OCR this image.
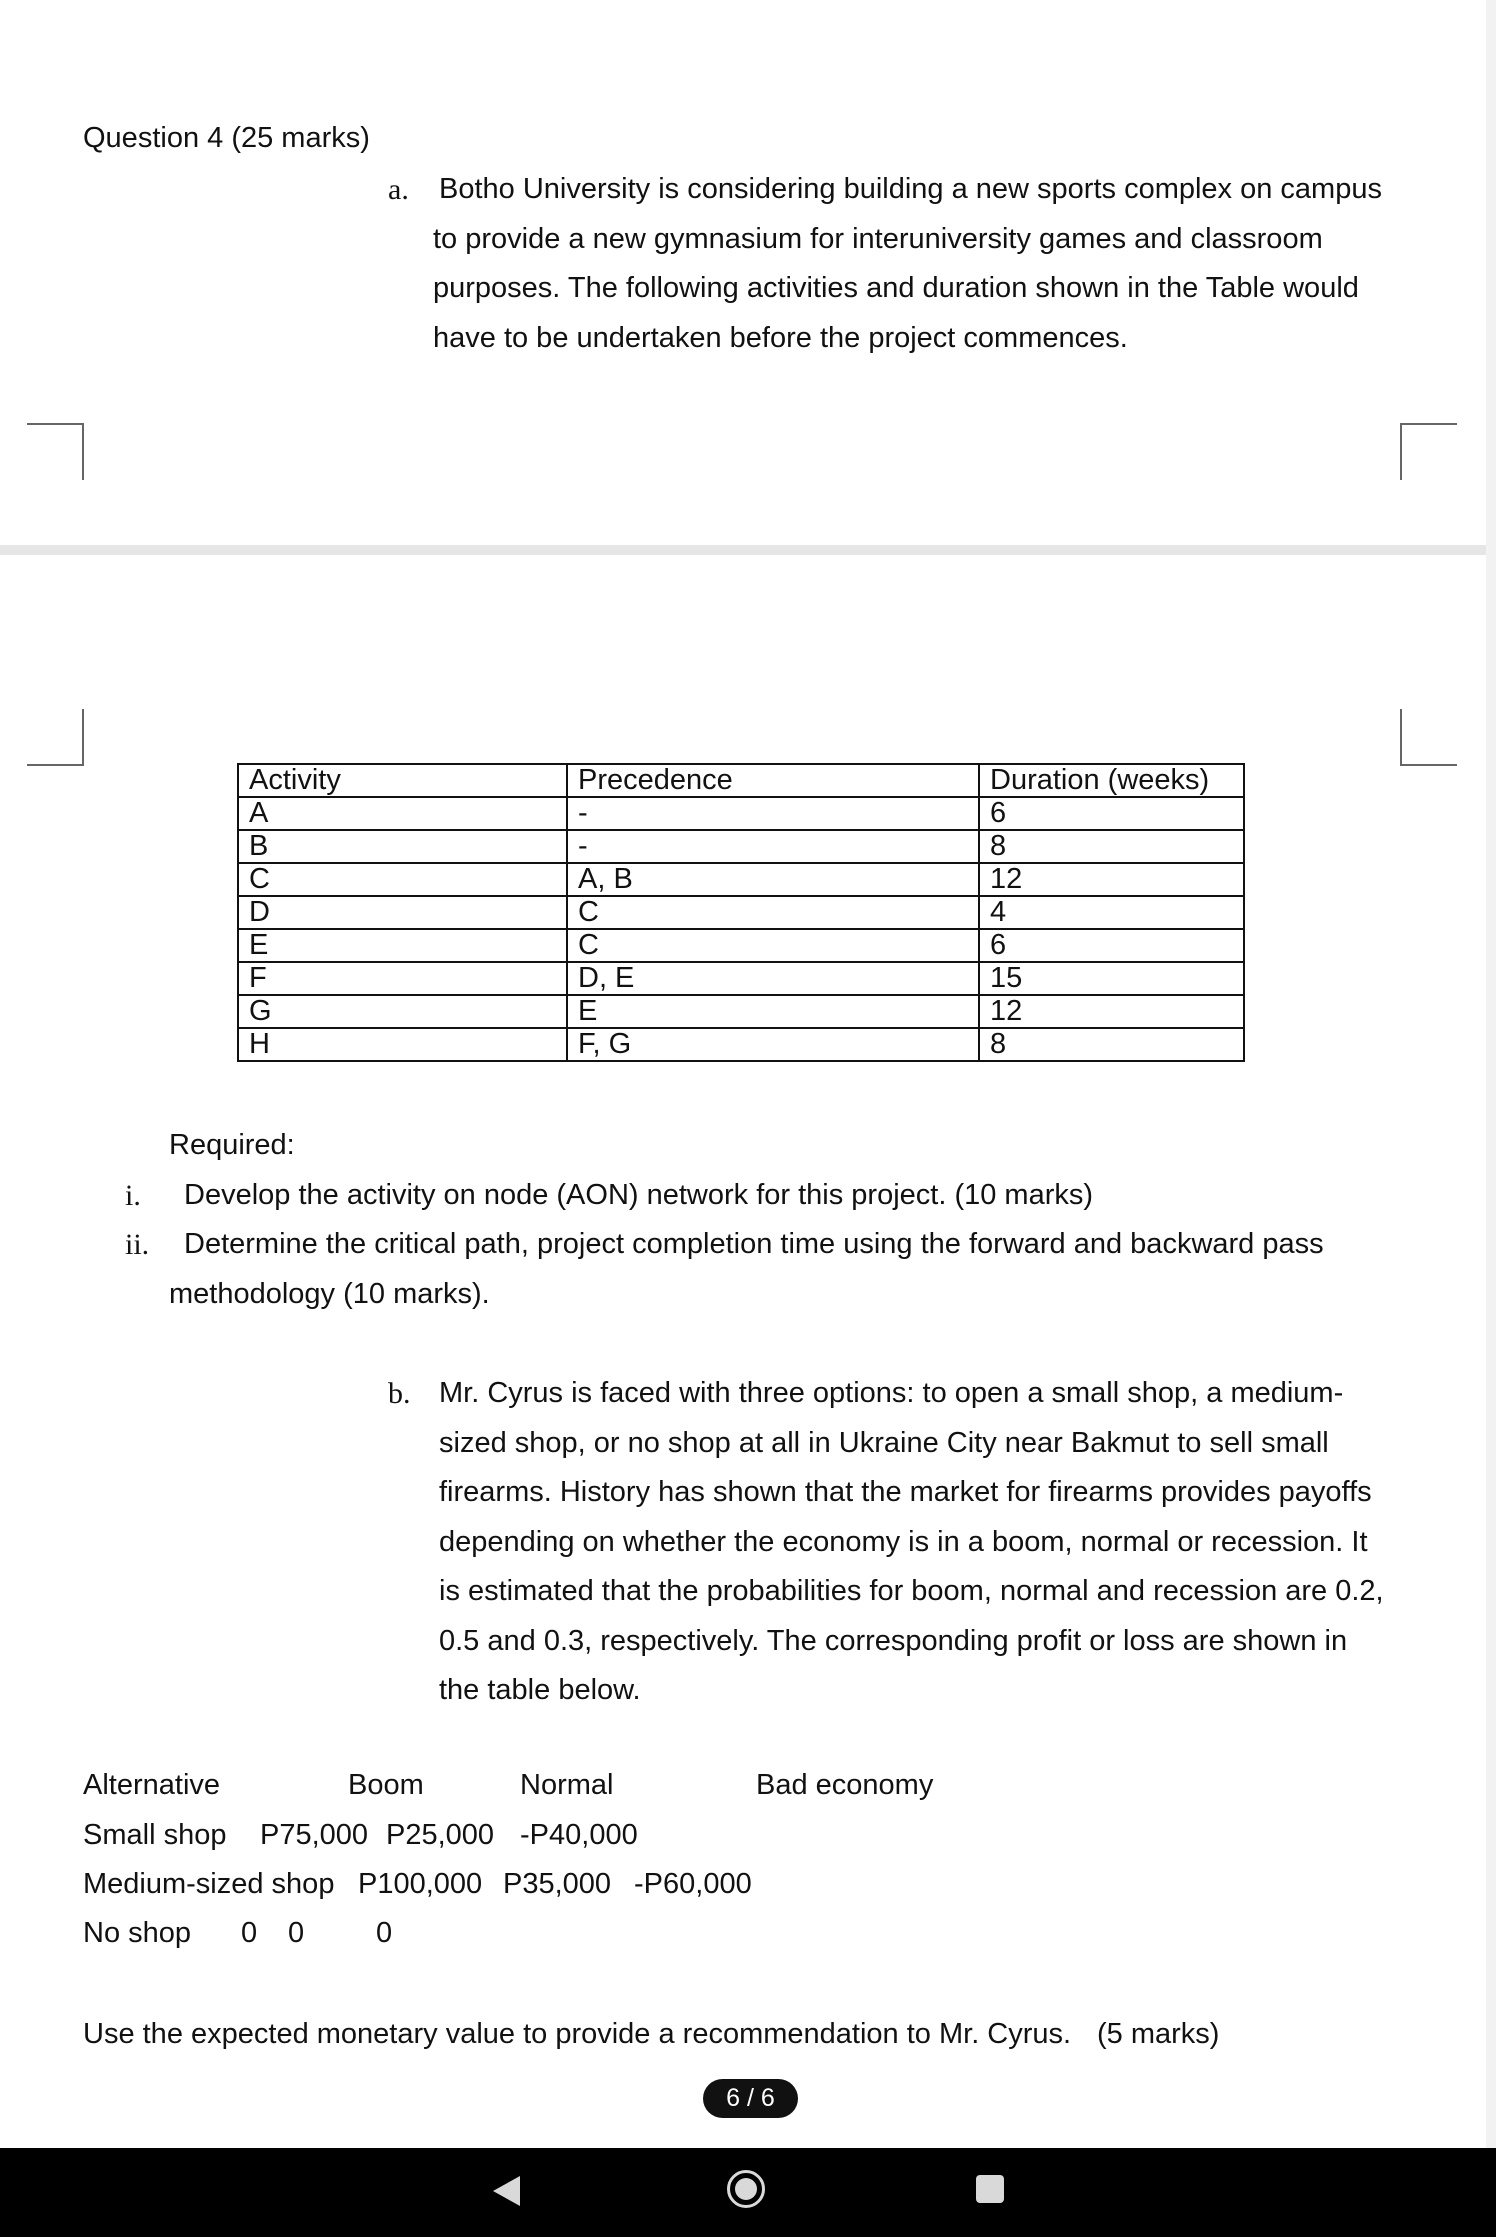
Question 4 (25 marks)
a. Botho University is considering building a new sports complex on campus
to provide a new gymnasium for interuniversity games and classroom
purposes. The following activities and duration shown in the Table would
have to be undertaken before the project commences.
Activity	Precedence	Duration (weeks)
A	-	6
B	-	8
C	A, B	12
D	C	4
E	C	6
F	D, E	15
G	E	12
H	F, G	8
Required:
i. Develop the activity on node (AON) network for this project. (10 marks)
ii. Determine the critical path, project completion time using the forward and backward pass
methodology (10 marks).
b. Mr. Cyrus is faced with three options: to open a small shop, a medium-
sized shop, or no shop at all in Ukraine City near Bakmut to sell small
firearms. History has shown that the market for firearms provides payoffs
depending on whether the economy is in a boom, normal or recession. It
is estimated that the probabilities for boom, normal and recession are 0.2,
0.5 and 0.3, respectively. The corresponding profit or loss are shown in
the table below.
Alternative	Boom	Normal	Bad economy
Small shop P75,000 P25,000 -P40,000
Medium-sized shop P100,000 P35,000 -P60,000
No shop 0 0 0
Use the expected monetary value to provide a recommendation to Mr. Cyrus. (5 marks)
6 / 6
